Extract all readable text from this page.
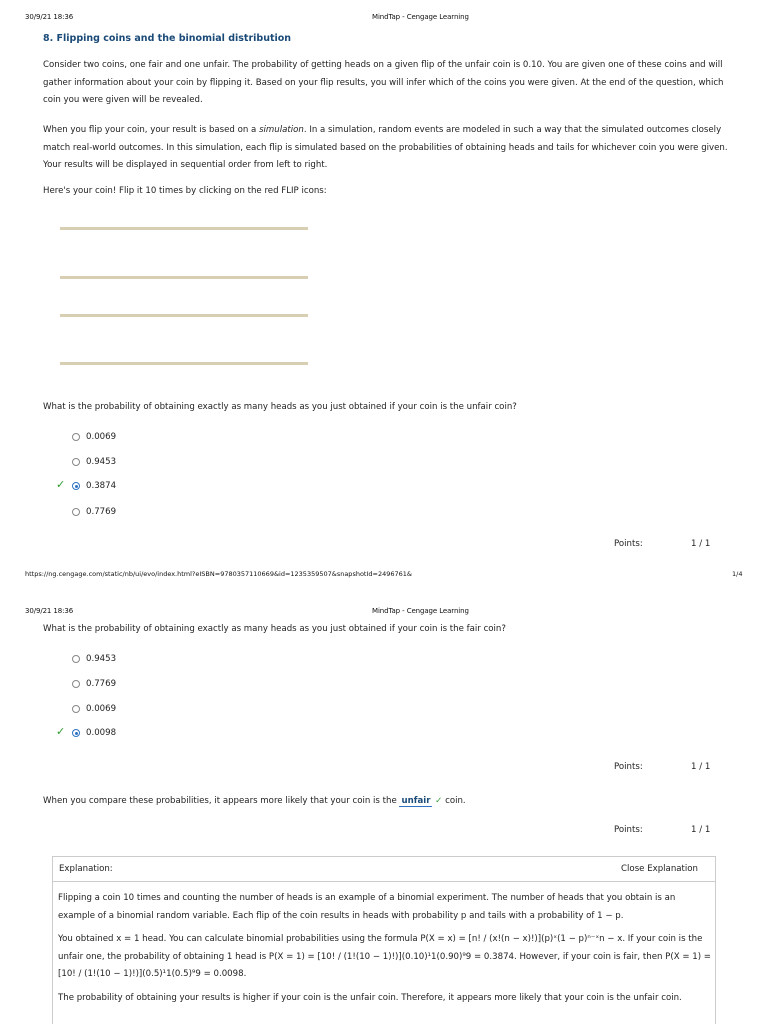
30/9/21 18:36	MindTap - Cengage Learning
8. Flipping coins and the binomial distribution

Consider two coins, one fair and one unfair. The probability of getting heads on a given flip of the unfair coin is 0.10. You are given one of these coins and will gather information about your coin by flipping it. Based on your flip results, you will infer which of the coins you were given. At the end of the question, which coin you were given will be revealed.

When you flip your coin, your result is based on a simulation. In a simulation, random events are modeled in such a way that the simulated outcomes closely match real-world outcomes. In this simulation, each flip is simulated based on the probabilities of obtaining heads and tails for whichever coin you were given. Your results will be displayed in sequential order from left to right.

Here's your coin! Flip it 10 times by clicking on the red FLIP icons:

What is the probability of obtaining exactly as many heads as you just obtained if your coin is the unfair coin?

0.0069
0.9453
✓ 0.3874
0.7769
Points:	1 / 1
https://ng.cengage.com/static/nb/ui/evo/index.html?eISBN=9780357110669&id=1235359507&snapshotId=2496761&	1/4
30/9/21 18:36	MindTap - Cengage Learning

What is the probability of obtaining exactly as many heads as you just obtained if your coin is the fair coin?

0.9453
0.7769
0.0069
✓ 0.0098
Points:	1 / 1

When you compare these probabilities, it appears more likely that your coin is the unfair ✓ coin.

Points:	1 / 1
Explanation:	Close Explanation

Flipping a coin 10 times and counting the number of heads is an example of a binomial experiment. The number of heads that you obtain is an example of a binomial random variable. Each flip of the coin results in heads with probability p and tails with a probability of 1 − p.

You obtained x = 1 head. You can calculate binomial probabilities using the formula P(X = x) = [n! / (x!(n − x)!)](p)ˣ(1 − p)ⁿ⁻ˣn − x. If your coin is the unfair one, the probability of obtaining 1 head is P(X = 1) = [10! / (1!(10 − 1)!)](0.10)¹1(0.90)⁹9 = 0.3874. However, if your coin is fair, then P(X = 1) = [10! / (1!(10 − 1)!)](0.5)¹1(0.5)⁹9 = 0.0098.

The probability of obtaining your results is higher if your coin is the unfair coin. Therefore, it appears more likely that your coin is the unfair coin.
